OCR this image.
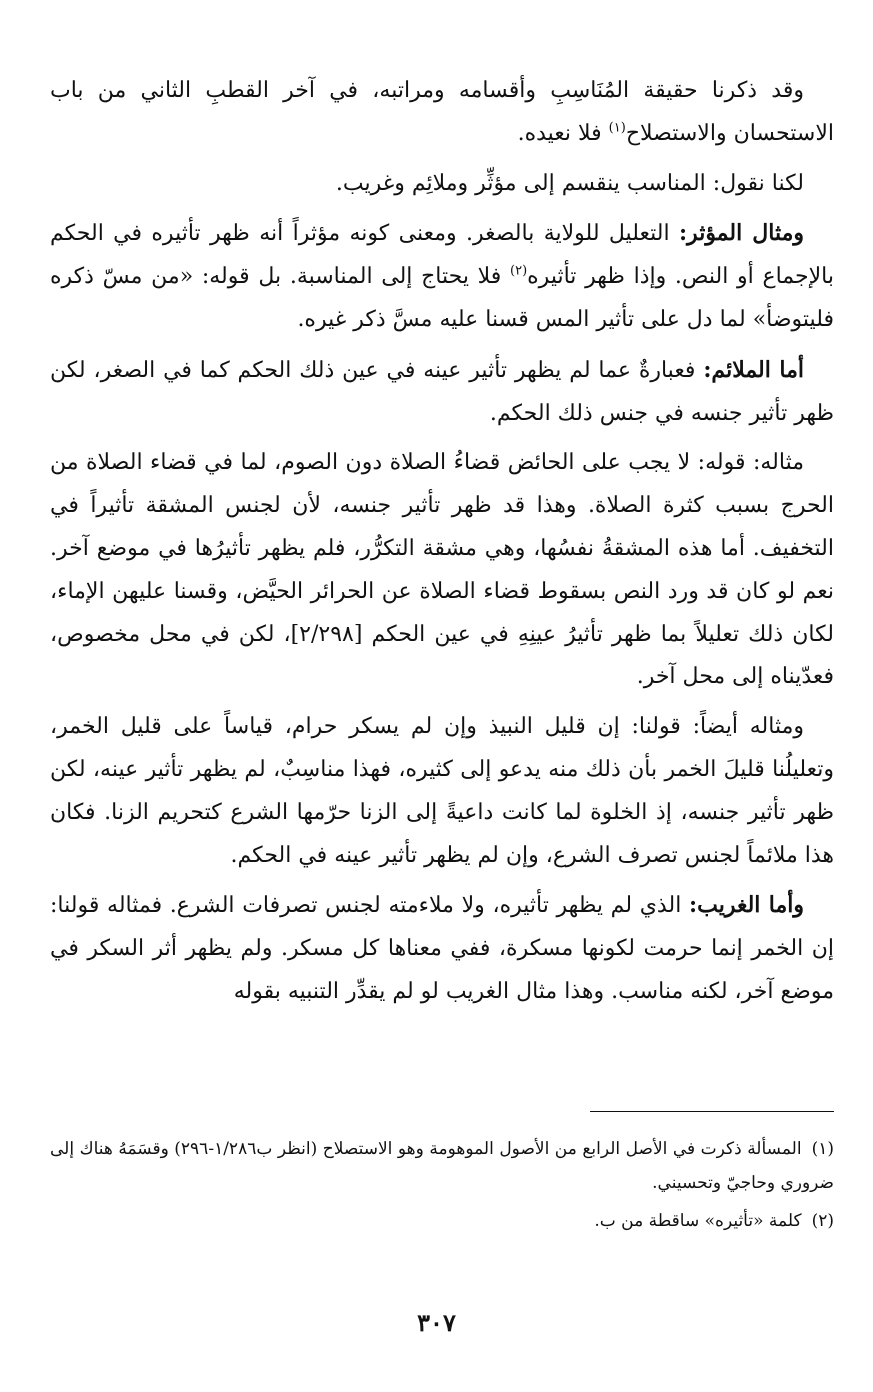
وقد ذكرنا حقيقة المُنَاسِبِ وأقسامه ومراتبه، في آخر القطبِ الثاني من باب الاستحسان والاستصلاح$^{(١)}$ فلا نعيده.

لكنا نقول: المناسب ينقسم إلى مؤثِّر وملائِم وغريب.

ومثال المؤثر: التعليل للولاية بالصغر. ومعنى كونه مؤثراً أنه ظهر تأثيره في الحكم بالإجماع أو النص. وإذا ظهر تأثيره$^{(٢)}$ فلا يحتاج إلى المناسبة. بل قوله: «من مسّ ذكره فليتوضأ» لما دل على تأثير المس قسنا عليه مسَّ ذكر غيره.

أما الملائم: فعبارةٌ عما لم يظهر تأثير عينه في عين ذلك الحكم كما في الصغر، لكن ظهر تأثير جنسه في جنس ذلك الحكم.

مثاله: قوله: لا يجب على الحائض قضاءُ الصلاة دون الصوم، لما في قضاء الصلاة من الحرج بسبب كثرة الصلاة. وهذا قد ظهر تأثير جنسه، لأن لجنس المشقة تأثيراً في التخفيف. أما هذه المشقةُ نفسُها، وهي مشقة التكرُّر، فلم يظهر تأثيرُها في موضع آخر. نعم لو كان قد ورد النص بسقوط قضاء الصلاة عن الحرائر الحيَّض، وقسنا عليهن الإماء، لكان ذلك تعليلاً بما ظهر تأثيرُ عينِهِ في عين الحكم [٢/٢٩٨]، لكن في محل مخصوص، فعدّيناه إلى محل آخر.

ومثاله أيضاً: قولنا: إن قليل النبيذ وإن لم يسكر حرام، قياساً على قليل الخمر، وتعليلُنا قليلَ الخمر بأن ذلك منه يدعو إلى كثيره، فهذا مناسِبٌ، لم يظهر تأثير عينه، لكن ظهر تأثير جنسه، إذ الخلوة لما كانت داعيةً إلى الزنا حرّمها الشرع كتحريم الزنا. فكان هذا ملائماً لجنس تصرف الشرع، وإن لم يظهر تأثير عينه في الحكم.

وأما الغريب: الذي لم يظهر تأثيره، ولا ملاءمته لجنس تصرفات الشرع. فمثاله قولنا: إن الخمر إنما حرمت لكونها مسكرة، ففي معناها كل مسكر. ولم يظهر أثر السكر في موضع آخر، لكنه مناسب. وهذا مثال الغريب لو لم يقدِّر التنبيه بقوله

(١)المسألة ذكرت في الأصل الرابع من الأصول الموهومة وهو الاستصلاح (انظر ب١/٢٨٦-٢٩٦) وقسَمَهُ هناك إلى ضروري وحاجيّ وتحسيني.

(٢)كلمة «تأثيره» ساقطة من ب.

٣٠٧
